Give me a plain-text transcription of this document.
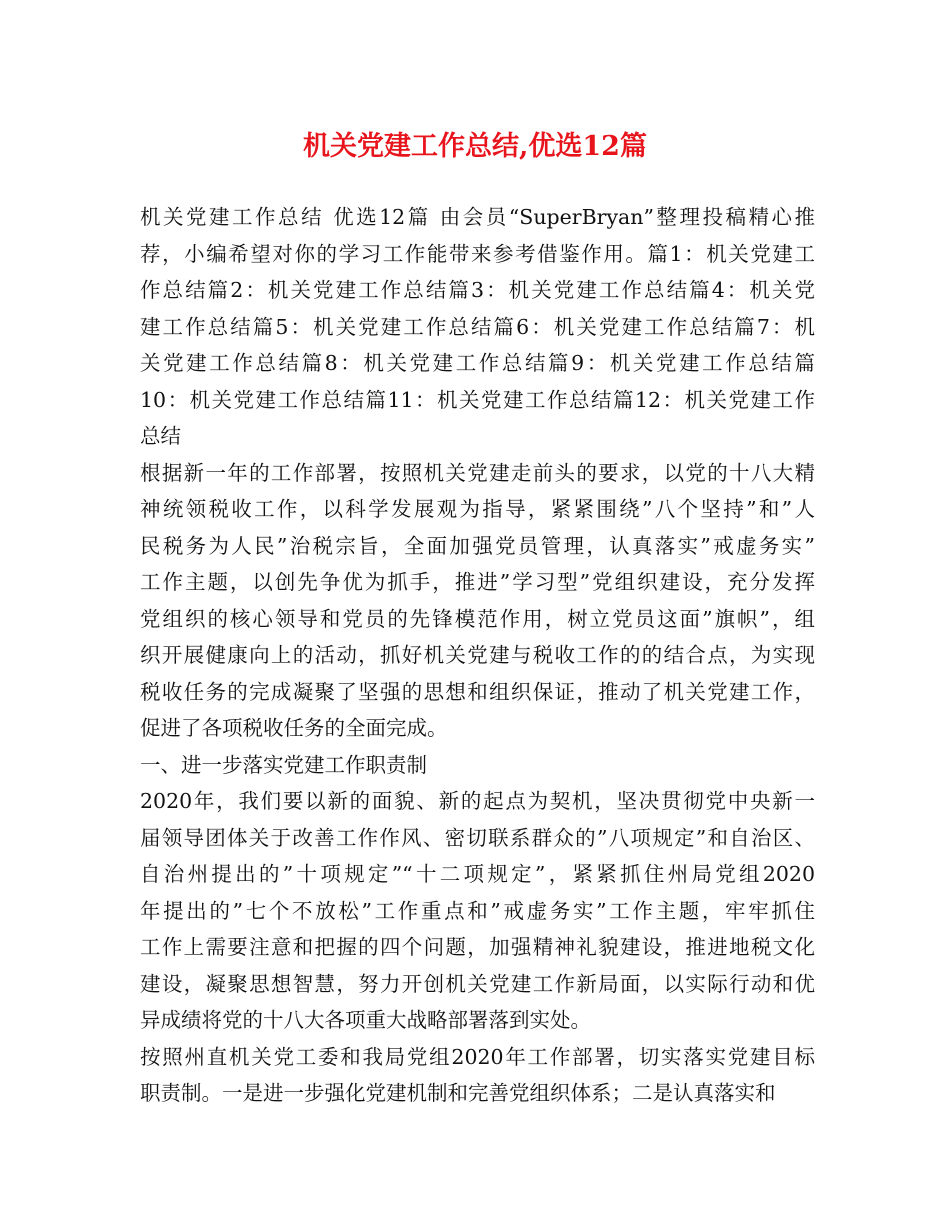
机关党建工作总结,优选12篇
机关党建工作总结 优选12篇 由会员“SuperBryan”整理投稿精心推
荐，小编希望对你的学习工作能带来参考借鉴作用。篇1：机关党建工
作总结篇2：机关党建工作总结篇3：机关党建工作总结篇4：机关党
建工作总结篇5：机关党建工作总结篇6：机关党建工作总结篇7：机
关党建工作总结篇8：机关党建工作总结篇9：机关党建工作总结篇
10：机关党建工作总结篇11：机关党建工作总结篇12：机关党建工作
总结
根据新一年的工作部署，按照机关党建走前头的要求，以党的十八大精
神统领税收工作，以科学发展观为指导，紧紧围绕”八个坚持”和”人
民税务为人民”治税宗旨，全面加强党员管理，认真落实”戒虚务实”
工作主题，以创先争优为抓手，推进”学习型”党组织建设，充分发挥
党组织的核心领导和党员的先锋模范作用，树立党员这面”旗帜”，组
织开展健康向上的活动，抓好机关党建与税收工作的的结合点，为实现
税收任务的完成凝聚了坚强的思想和组织保证，推动了机关党建工作，
促进了各项税收任务的全面完成。
一、进一步落实党建工作职责制
2020年，我们要以新的面貌、新的起点为契机，坚决贯彻党中央新一
届领导团体关于改善工作作风、密切联系群众的”八项规定”和自治区、
自治州提出的”十项规定”“十二项规定”，紧紧抓住州局党组2020
年提出的”七个不放松”工作重点和”戒虚务实”工作主题，牢牢抓住
工作上需要注意和把握的四个问题，加强精神礼貌建设，推进地税文化
建设，凝聚思想智慧，努力开创机关党建工作新局面，以实际行动和优
异成绩将党的十八大各项重大战略部署落到实处。
按照州直机关党工委和我局党组2020年工作部署，切实落实党建目标
职责制。一是进一步强化党建机制和完善党组织体系；二是认真落实和
